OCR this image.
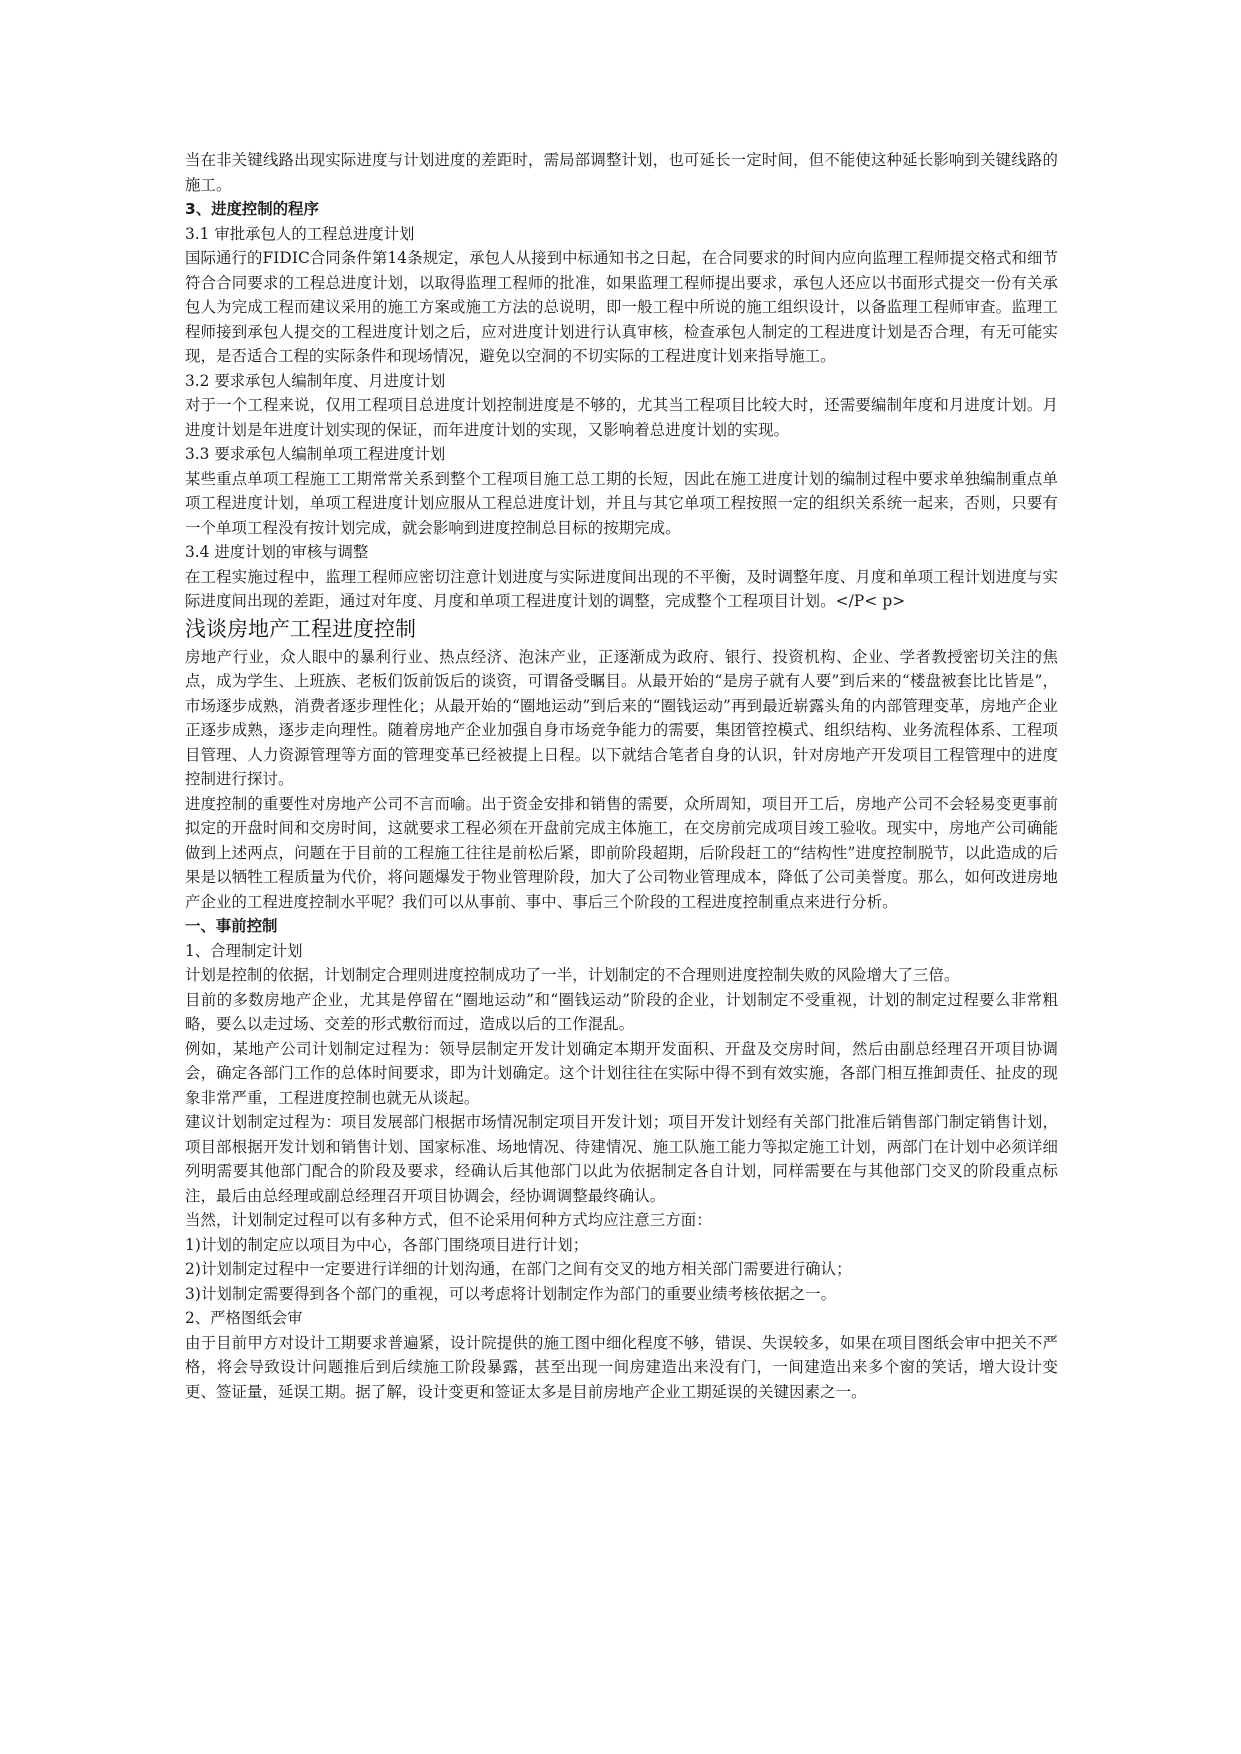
当在非关键线路出现实际进度与计划进度的差距时，需局部调整计划，也可延长一定时间，但不能使这种延长影响到关键线路的施工。

3、进度控制的程序

3.1 审批承包人的工程总进度计划

国际通行的FIDIC合同条件第14条规定，承包人从接到中标通知书之日起，在合同要求的时间内应向监理工程师提交格式和细节符合合同要求的工程总进度计划，以取得监理工程师的批准，如果监理工程师提出要求，承包人还应以书面形式提交一份有关承包人为完成工程而建议采用的施工方案或施工方法的总说明，即一般工程中所说的施工组织设计，以备监理工程师审查。监理工程师接到承包人提交的工程进度计划之后，应对进度计划进行认真审核，检查承包人制定的工程进度计划是否合理，有无可能实现，是否适合工程的实际条件和现场情况，避免以空洞的不切实际的工程进度计划来指导施工。

3.2 要求承包人编制年度、月进度计划

对于一个工程来说，仅用工程项目总进度计划控制进度是不够的，尤其当工程项目比较大时，还需要编制年度和月进度计划。月进度计划是年进度计划实现的保证，而年进度计划的实现，又影响着总进度计划的实现。

3.3 要求承包人编制单项工程进度计划

某些重点单项工程施工工期常常关系到整个工程项目施工总工期的长短，因此在施工进度计划的编制过程中要求单独编制重点单项工程进度计划，单项工程进度计划应服从工程总进度计划，并且与其它单项工程按照一定的组织关系统一起来，否则，只要有一个单项工程没有按计划完成，就会影响到进度控制总目标的按期完成。

3.4 进度计划的审核与调整

在工程实施过程中，监理工程师应密切注意计划进度与实际进度间出现的不平衡，及时调整年度、月度和单项工程计划进度与实际进度间出现的差距，通过对年度、月度和单项工程进度计划的调整，完成整个工程项目计划。</P< p>

浅谈房地产工程进度控制

房地产行业，众人眼中的暴利行业、热点经济、泡沫产业，正逐渐成为政府、银行、投资机构、企业、学者教授密切关注的焦点，成为学生、上班族、老板们饭前饭后的谈资，可谓备受瞩目。从最开始的“是房子就有人要”到后来的“楼盘被套比比皆是”，市场逐步成熟，消费者逐步理性化；从最开始的“圈地运动”到后来的“圈钱运动”再到最近崭露头角的内部管理变革，房地产企业正逐步成熟，逐步走向理性。随着房地产企业加强自身市场竞争能力的需要，集团管控模式、组织结构、业务流程体系、工程项目管理、人力资源管理等方面的管理变革已经被提上日程。以下就结合笔者自身的认识，针对房地产开发项目工程管理中的进度控制进行探讨。

进度控制的重要性对房地产公司不言而喻。出于资金安排和销售的需要，众所周知，项目开工后，房地产公司不会轻易变更事前拟定的开盘时间和交房时间，这就要求工程必须在开盘前完成主体施工，在交房前完成项目竣工验收。现实中，房地产公司确能做到上述两点，问题在于目前的工程施工往往是前松后紧，即前阶段超期，后阶段赶工的“结构性”进度控制脱节，以此造成的后果是以牺牲工程质量为代价，将问题爆发于物业管理阶段，加大了公司物业管理成本，降低了公司美誉度。那么，如何改进房地产企业的工程进度控制水平呢？我们可以从事前、事中、事后三个阶段的工程进度控制重点来进行分析。

一、事前控制

1、合理制定计划

计划是控制的依据，计划制定合理则进度控制成功了一半，计划制定的不合理则进度控制失败的风险增大了三倍。

目前的多数房地产企业，尤其是停留在“圈地运动”和“圈钱运动”阶段的企业，计划制定不受重视，计划的制定过程要么非常粗略，要么以走过场、交差的形式敷衍而过，造成以后的工作混乱。

例如，某地产公司计划制定过程为：领导层制定开发计划确定本期开发面积、开盘及交房时间，然后由副总经理召开项目协调会，确定各部门工作的总体时间要求，即为计划确定。这个计划往往在实际中得不到有效实施，各部门相互推卸责任、扯皮的现象非常严重，工程进度控制也就无从谈起。

建议计划制定过程为：项目发展部门根据市场情况制定项目开发计划；项目开发计划经有关部门批准后销售部门制定销售计划，项目部根据开发计划和销售计划、国家标准、场地情况、待建情况、施工队施工能力等拟定施工计划，两部门在计划中必须详细列明需要其他部门配合的阶段及要求，经确认后其他部门以此为依据制定各自计划，同样需要在与其他部门交叉的阶段重点标注，最后由总经理或副总经理召开项目协调会，经协调调整最终确认。

当然，计划制定过程可以有多种方式，但不论采用何种方式均应注意三方面：

1)计划的制定应以项目为中心，各部门围绕项目进行计划；

2)计划制定过程中一定要进行详细的计划沟通，在部门之间有交叉的地方相关部门需要进行确认；

3)计划制定需要得到各个部门的重视，可以考虑将计划制定作为部门的重要业绩考核依据之一。

2、严格图纸会审

由于目前甲方对设计工期要求普遍紧，设计院提供的施工图中细化程度不够，错误、失误较多，如果在项目图纸会审中把关不严格，将会导致设计问题推后到后续施工阶段暴露，甚至出现一间房建造出来没有门，一间建造出来多个窗的笑话，增大设计变更、签证量，延误工期。据了解，设计变更和签证太多是目前房地产企业工期延误的关键因素之一。
